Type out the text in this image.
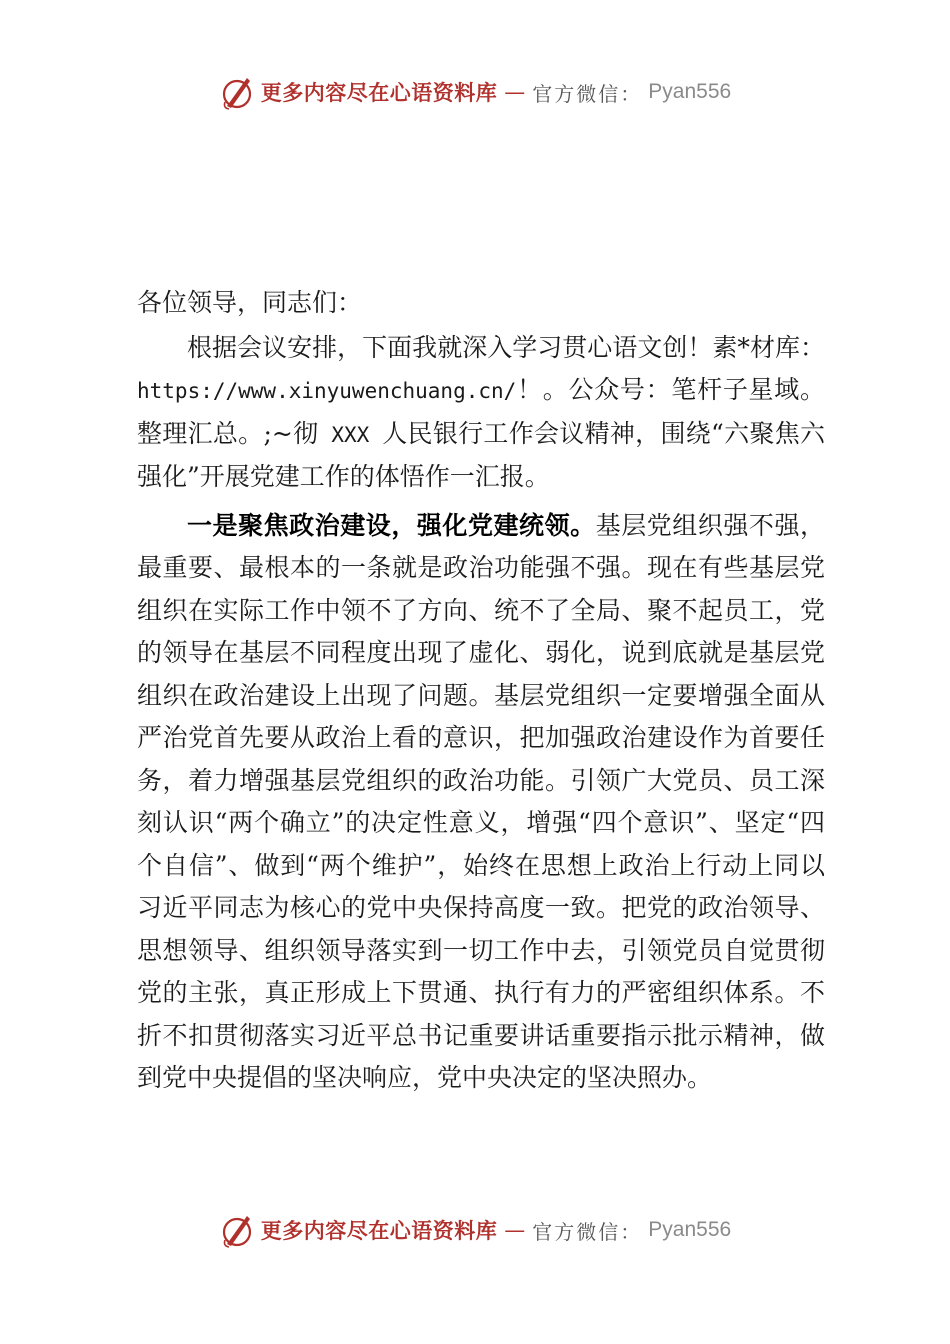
更多内容尽在心语资料库 — 官方微信： Pyan556

各位领导，同志们：

根据会议安排，下面我就深入学习贯心语文创！素*材库：https://www.xinyuwenchuang.cn/！。公众号：笔杆子星域。整理汇总。;~彻 XXX 人民银行工作会议精神，围绕“六聚焦六强化”开展党建工作的体悟作一汇报。

一是聚焦政治建设，强化党建统领。基层党组织强不强，最重要、最根本的一条就是政治功能强不强。现在有些基层党组织在实际工作中领不了方向、统不了全局、聚不起员工，党的领导在基层不同程度出现了虚化、弱化，说到底就是基层党组织在政治建设上出现了问题。基层党组织一定要增强全面从严治党首先要从政治上看的意识，把加强政治建设作为首要任务，着力增强基层党组织的政治功能。引领广大党员、员工深刻认识“两个确立”的决定性意义，增强“四个意识”、坚定“四个自信”、做到“两个维护”，始终在思想上政治上行动上同以习近平同志为核心的党中央保持高度一致。把党的政治领导、思想领导、组织领导落实到一切工作中去，引领党员自觉贯彻党的主张，真正形成上下贯通、执行有力的严密组织体系。不折不扣贯彻落实习近平总书记重要讲话重要指示批示精神，做到党中央提倡的坚决响应，党中央决定的坚决照办。

更多内容尽在心语资料库 — 官方微信： Pyan556
